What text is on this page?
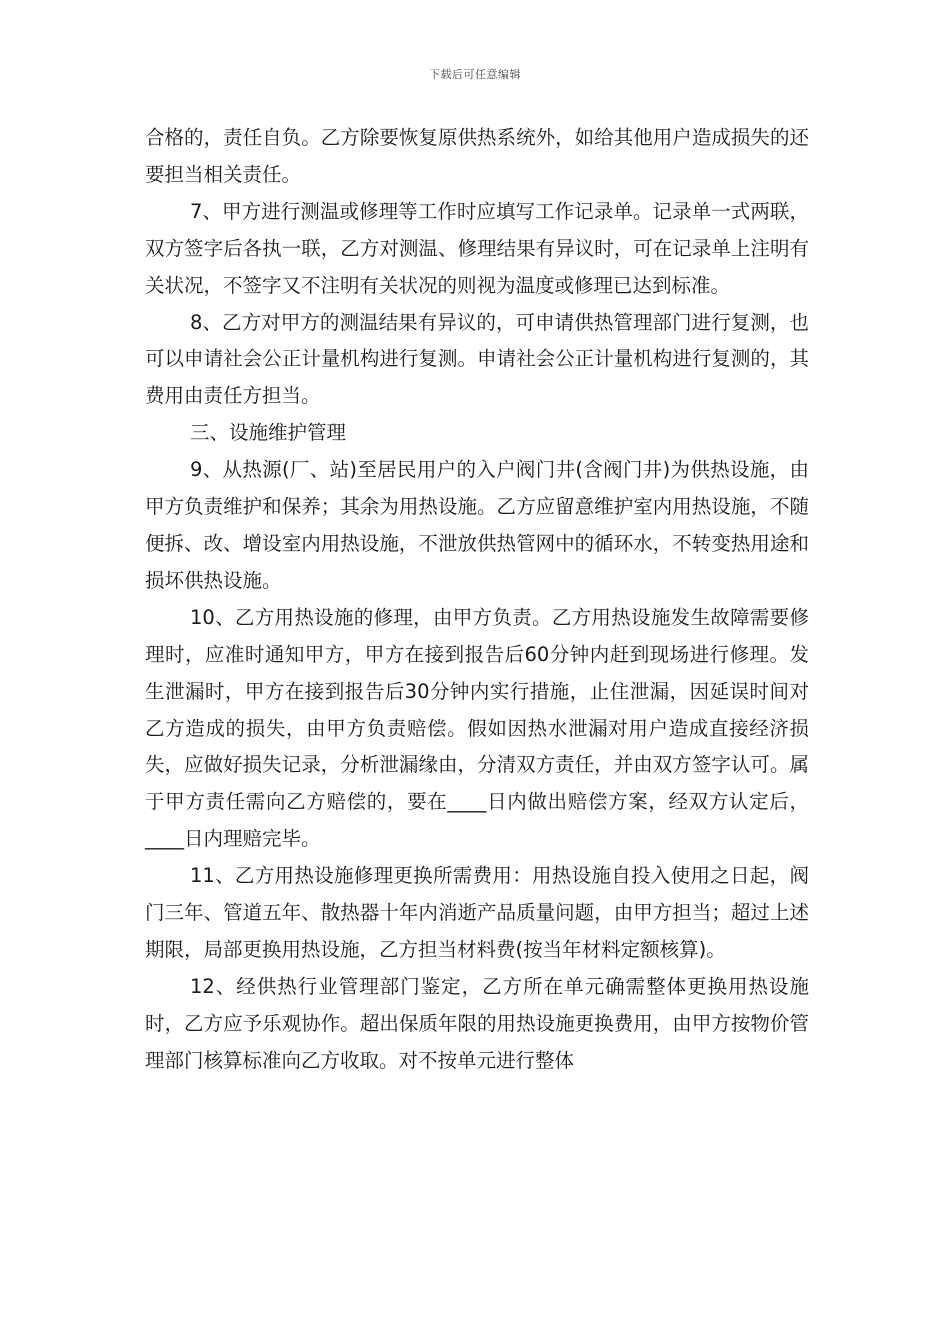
下载后可任意编辑

合格的，责任自负。乙方除要恢复原供热系统外，如给其他用户造成损失的还要担当相关责任。

7、甲方进行测温或修理等工作时应填写工作记录单。记录单一式两联，双方签字后各执一联，乙方对测温、修理结果有异议时，可在记录单上注明有关状况，不签字又不注明有关状况的则视为温度或修理已达到标准。

8、乙方对甲方的测温结果有异议的，可申请供热管理部门进行复测，也可以申请社会公正计量机构进行复测。申请社会公正计量机构进行复测的，其费用由责任方担当。

三、设施维护管理

9、从热源(厂、站)至居民用户的入户阀门井(含阀门井)为供热设施，由甲方负责维护和保养；其余为用热设施。乙方应留意维护室内用热设施，不随便拆、改、增设室内用热设施，不泄放供热管网中的循环水，不转变热用途和损坏供热设施。

10、乙方用热设施的修理，由甲方负责。乙方用热设施发生故障需要修理时，应准时通知甲方，甲方在接到报告后60分钟内赶到现场进行修理。发生泄漏时，甲方在接到报告后30分钟内实行措施，止住泄漏，因延误时间对乙方造成的损失，由甲方负责赔偿。假如因热水泄漏对用户造成直接经济损失，应做好损失记录，分析泄漏缘由，分清双方责任，并由双方签字认可。属于甲方责任需向乙方赔偿的，要在____日内做出赔偿方案，经双方认定后，____日内理赔完毕。

11、乙方用热设施修理更换所需费用：用热设施自投入使用之日起，阀门三年、管道五年、散热器十年内消逝产品质量问题，由甲方担当；超过上述期限，局部更换用热设施，乙方担当材料费(按当年材料定额核算)。

12、经供热行业管理部门鉴定，乙方所在单元确需整体更换用热设施时，乙方应予乐观协作。超出保质年限的用热设施更换费用，由甲方按物价管理部门核算标准向乙方收取。对不按单元进行整体
